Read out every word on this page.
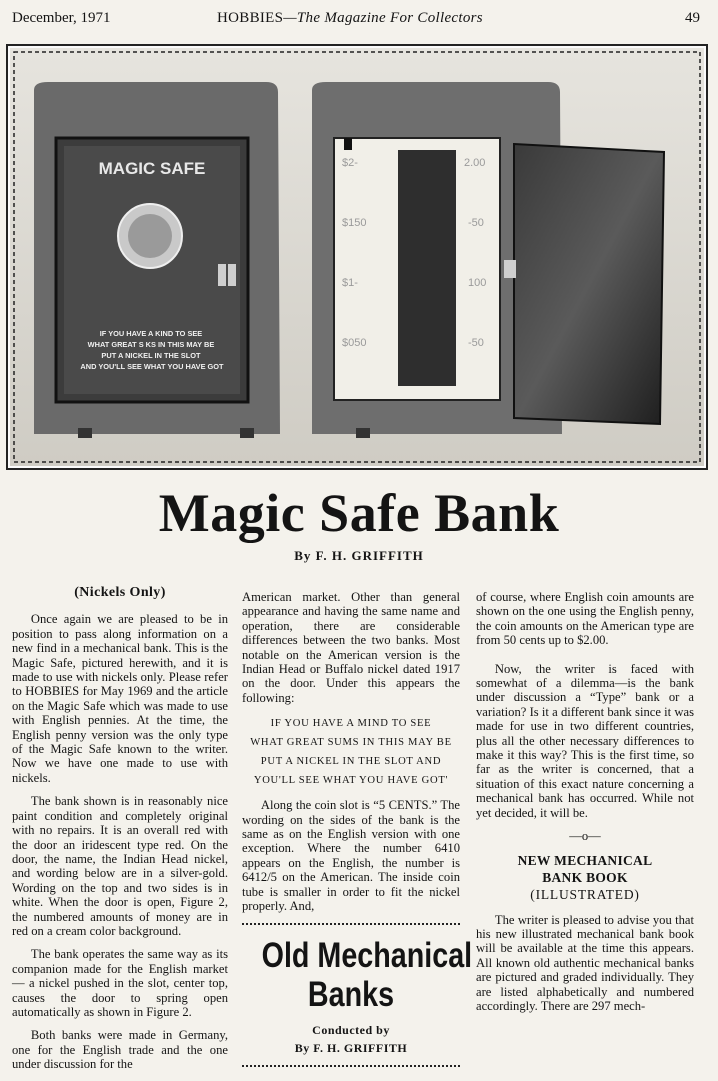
December, 1971	HOBBIES—The Magazine For Collectors	49
MAGIC SAFE
IF YOU HAVE A KIND TO SEE WHAT GREAT S KS IN THIS MAY BE PUT A NICKEL IN THE SLOT AND YOU'LL SEE WHAT YOU HAVE GOT
$2-
$150
$1-
$050
2.00
-50
100
-50
Magic Safe Bank
By F. H. GRIFFITH
(Nickels Only)

Once again we are pleased to be in position to pass along information on a new find in a mechanical bank. This is the Magic Safe, pictured herewith, and it is made to use with nickels only. Please refer to HOBBIES for May 1969 and the article on the Magic Safe which was made to use with English pennies. At the time, the English penny version was the only type of the Magic Safe known to the writer. Now we have one made to use with nickels.

The bank shown is in reasonably nice paint condition and completely original with no repairs. It is an overall red with the door an iridescent type red. On the door, the name, the Indian Head nickel, and wording below are in a silver-gold. Wording on the top and two sides is in white. When the door is open, Figure 2, the numbered amounts of money are in red on a cream color background.

The bank operates the same way as its companion made for the English market — a nickel pushed in the slot, center top, causes the door to spring open automatically as shown in Figure 2.

Both banks were made in Germany, one for the English trade and the one under discussion for the

American market. Other than general appearance and having the same name and operation, there are considerable differences between the two banks. Most notable on the American version is the Indian Head or Buffalo nickel dated 1917 on the door. Under this appears the following:

IF YOU HAVE A MIND TO SEE
WHAT GREAT SUMS IN THIS MAY BE
PUT A NICKEL IN THE SLOT AND
YOU'LL SEE WHAT YOU HAVE GOT'

Along the coin slot is “5 CENTS.” The wording on the sides of the bank is the same as on the English version with one exception. Where the number 6410 appears on the English, the number is 6412/5 on the American. The inside coin tube is smaller in order to fit the nickel properly. And,

Old Mechanical
Banks
Conducted by
By F. H. GRIFFITH

of course, where English coin amounts are shown on the one using the English penny, the coin amounts on the American type are from 50 cents up to $2.00.

Now, the writer is faced with somewhat of a dilemma—is the bank under discussion a “Type” bank or a variation? Is it a different bank since it was made for use in two different countries, plus all the other necessary differences to make it this way? This is the first time, so far as the writer is concerned, that a situation of this exact nature concerning a mechanical bank has occurred. While not yet decided, it will be.

—o—
NEW MECHANICAL
BANK BOOK
(ILLUSTRATED)

The writer is pleased to advise you that his new illustrated mechanical bank book will be available at the time this appears. All known old authentic mechanical banks are pictured and graded individually. They are listed alphabetically and numbered accordingly. There are 297 mech-
